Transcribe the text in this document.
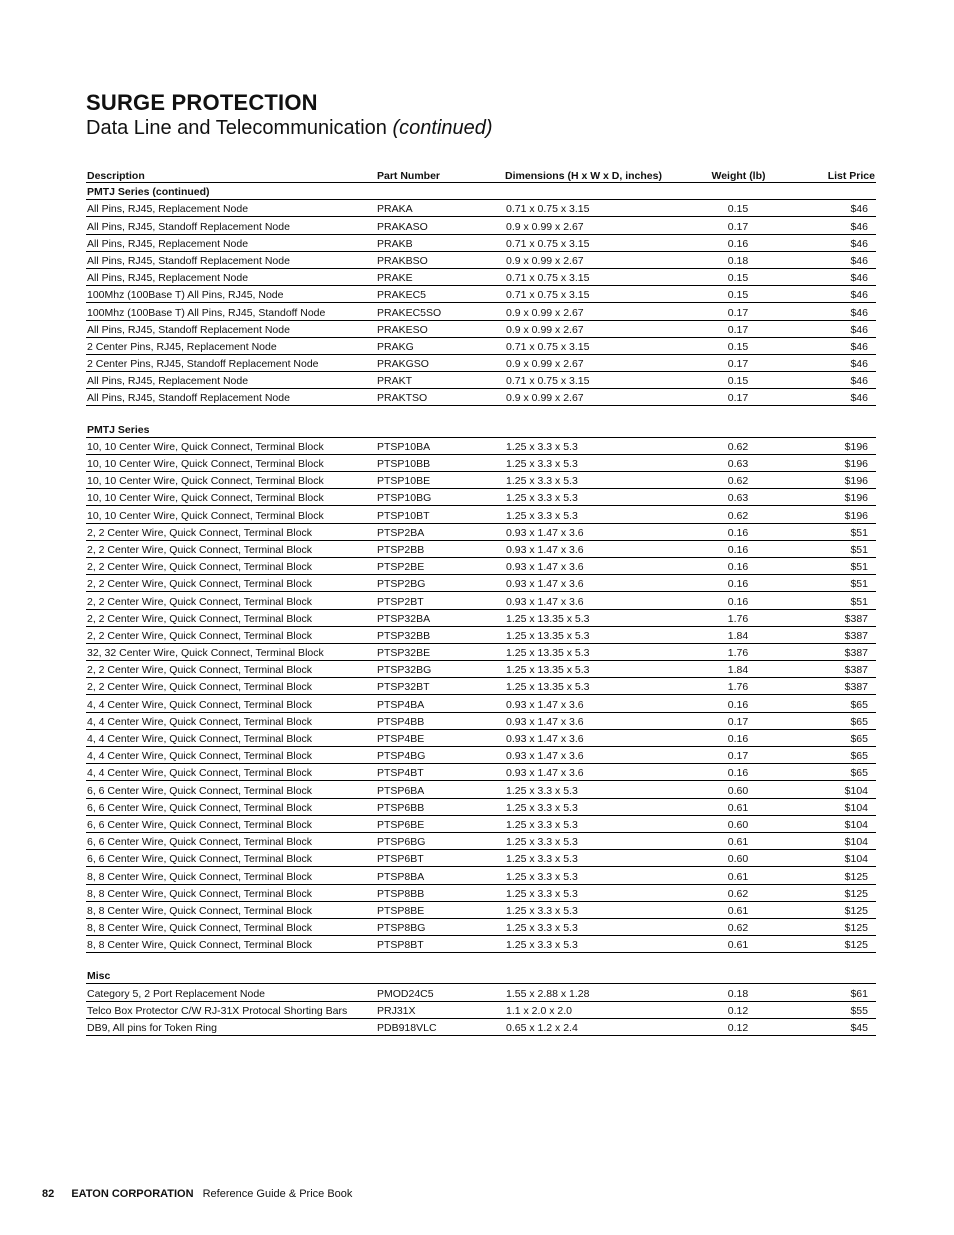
SURGE PROTECTION
Data Line and Telecommunication (continued)
Description	Part Number	Dimensions (H x W x D, inches)	Weight (lb)	List Price
PMTJ Series (continued)				
All Pins, RJ45, Replacement Node	PRAKA	0.71 x 0.75 x 3.15	0.15	$46
All Pins, RJ45, Standoff Replacement Node	PRAKASO	0.9 x 0.99 x 2.67	0.17	$46
All Pins, RJ45, Replacement Node	PRAKB	0.71 x 0.75 x 3.15	0.16	$46
All Pins, RJ45, Standoff Replacement Node	PRAKBSO	0.9 x 0.99 x 2.67	0.18	$46
All Pins, RJ45, Replacement Node	PRAKE	0.71 x 0.75 x 3.15	0.15	$46
100Mhz (100Base T) All Pins, RJ45, Node	PRAKEC5	0.71 x 0.75 x 3.15	0.15	$46
100Mhz (100Base T) All Pins, RJ45, Standoff Node	PRAKEC5SO	0.9 x 0.99 x 2.67	0.17	$46
All Pins, RJ45, Standoff Replacement Node	PRAKESO	0.9 x 0.99 x 2.67	0.17	$46
2 Center Pins, RJ45, Replacement Node	PRAKG	0.71 x 0.75 x 3.15	0.15	$46
2 Center Pins, RJ45, Standoff Replacement Node	PRAKGSO	0.9 x 0.99 x 2.67	0.17	$46
All Pins, RJ45, Replacement Node	PRAKT	0.71 x 0.75 x 3.15	0.15	$46
All Pins, RJ45, Standoff Replacement Node	PRAKTSO	0.9 x 0.99 x 2.67	0.17	$46

PMTJ Series				
10, 10 Center Wire, Quick Connect, Terminal Block	PTSP10BA	1.25 x 3.3 x 5.3	0.62	$196
10, 10 Center Wire, Quick Connect, Terminal Block	PTSP10BB	1.25 x 3.3 x 5.3	0.63	$196
10, 10 Center Wire, Quick Connect, Terminal Block	PTSP10BE	1.25 x 3.3 x 5.3	0.62	$196
10, 10 Center Wire, Quick Connect, Terminal Block	PTSP10BG	1.25 x 3.3 x 5.3	0.63	$196
10, 10 Center Wire, Quick Connect, Terminal Block	PTSP10BT	1.25 x 3.3 x 5.3	0.62	$196
2, 2 Center Wire, Quick Connect, Terminal Block	PTSP2BA	0.93 x 1.47 x 3.6	0.16	$51
2, 2 Center Wire, Quick Connect, Terminal Block	PTSP2BB	0.93 x 1.47 x 3.6	0.16	$51
2, 2 Center Wire, Quick Connect, Terminal Block	PTSP2BE	0.93 x 1.47 x 3.6	0.16	$51
2, 2 Center Wire, Quick Connect, Terminal Block	PTSP2BG	0.93 x 1.47 x 3.6	0.16	$51
2, 2 Center Wire, Quick Connect, Terminal Block	PTSP2BT	0.93 x 1.47 x 3.6	0.16	$51
2, 2 Center Wire, Quick Connect, Terminal Block	PTSP32BA	1.25 x 13.35 x 5.3	1.76	$387
2, 2 Center Wire, Quick Connect, Terminal Block	PTSP32BB	1.25 x 13.35 x 5.3	1.84	$387
32, 32 Center Wire, Quick Connect, Terminal Block	PTSP32BE	1.25 x 13.35 x 5.3	1.76	$387
2, 2 Center Wire, Quick Connect, Terminal Block	PTSP32BG	1.25 x 13.35 x 5.3	1.84	$387
2, 2 Center Wire, Quick Connect, Terminal Block	PTSP32BT	1.25 x 13.35 x 5.3	1.76	$387
4, 4 Center Wire, Quick Connect, Terminal Block	PTSP4BA	0.93 x 1.47 x 3.6	0.16	$65
4, 4 Center Wire, Quick Connect, Terminal Block	PTSP4BB	0.93 x 1.47 x 3.6	0.17	$65
4, 4 Center Wire, Quick Connect, Terminal Block	PTSP4BE	0.93 x 1.47 x 3.6	0.16	$65
4, 4 Center Wire, Quick Connect, Terminal Block	PTSP4BG	0.93 x 1.47 x 3.6	0.17	$65
4, 4 Center Wire, Quick Connect, Terminal Block	PTSP4BT	0.93 x 1.47 x 3.6	0.16	$65
6, 6 Center Wire, Quick Connect, Terminal Block	PTSP6BA	1.25 x 3.3 x 5.3	0.60	$104
6, 6 Center Wire, Quick Connect, Terminal Block	PTSP6BB	1.25 x 3.3 x 5.3	0.61	$104
6, 6 Center Wire, Quick Connect, Terminal Block	PTSP6BE	1.25 x 3.3 x 5.3	0.60	$104
6, 6 Center Wire, Quick Connect, Terminal Block	PTSP6BG	1.25 x 3.3 x 5.3	0.61	$104
6, 6 Center Wire, Quick Connect, Terminal Block	PTSP6BT	1.25 x 3.3 x 5.3	0.60	$104
8, 8 Center Wire, Quick Connect, Terminal Block	PTSP8BA	1.25 x 3.3 x 5.3	0.61	$125
8, 8 Center Wire, Quick Connect, Terminal Block	PTSP8BB	1.25 x 3.3 x 5.3	0.62	$125
8, 8 Center Wire, Quick Connect, Terminal Block	PTSP8BE	1.25 x 3.3 x 5.3	0.61	$125
8, 8 Center Wire, Quick Connect, Terminal Block	PTSP8BG	1.25 x 3.3 x 5.3	0.62	$125
8, 8 Center Wire, Quick Connect, Terminal Block	PTSP8BT	1.25 x 3.3 x 5.3	0.61	$125

Misc				
Category 5, 2 Port Replacement Node	PMOD24C5	1.55 x 2.88 x 1.28	0.18	$61
Telco Box Protector C/W RJ-31X Protocal Shorting Bars	PRJ31X	1.1 x 2.0 x 2.0	0.12	$55
DB9, All pins for Token Ring	PDB918VLC	0.65 x 1.2 x 2.4	0.12	$45
82 EATON CORPORATION Reference Guide & Price Book
